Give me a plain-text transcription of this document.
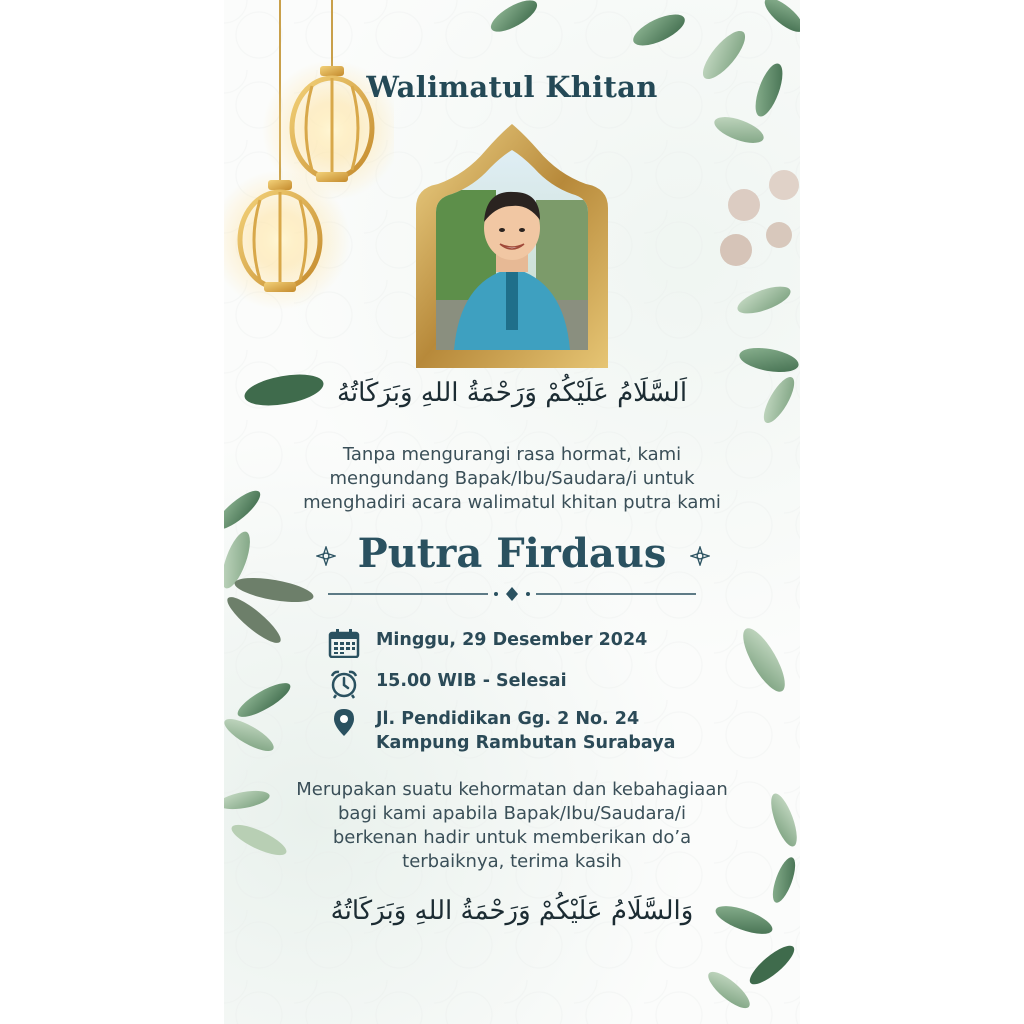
Walimatul Khitan
اَلسَّلَامُ عَلَيْكُمْ وَرَحْمَةُ اللهِ وَبَرَكَاتُهُ
Tanpa mengurangi rasa hormat, kami
mengundang Bapak/Ibu/Saudara/i untuk
menghadiri acara walimatul khitan putra kami
Putra Firdaus
Minggu, 29 Desember 2024
15.00 WIB - Selesai
Jl. Pendidikan Gg. 2 No. 24
Kampung Rambutan Surabaya
Merupakan suatu kehormatan dan kebahagiaan
bagi kami apabila Bapak/Ibu/Saudara/i
berkenan hadir untuk memberikan do’a
terbaiknya, terima kasih
وَالسَّلَامُ عَلَيْكُمْ وَرَحْمَةُ اللهِ وَبَرَكَاتُهُ
